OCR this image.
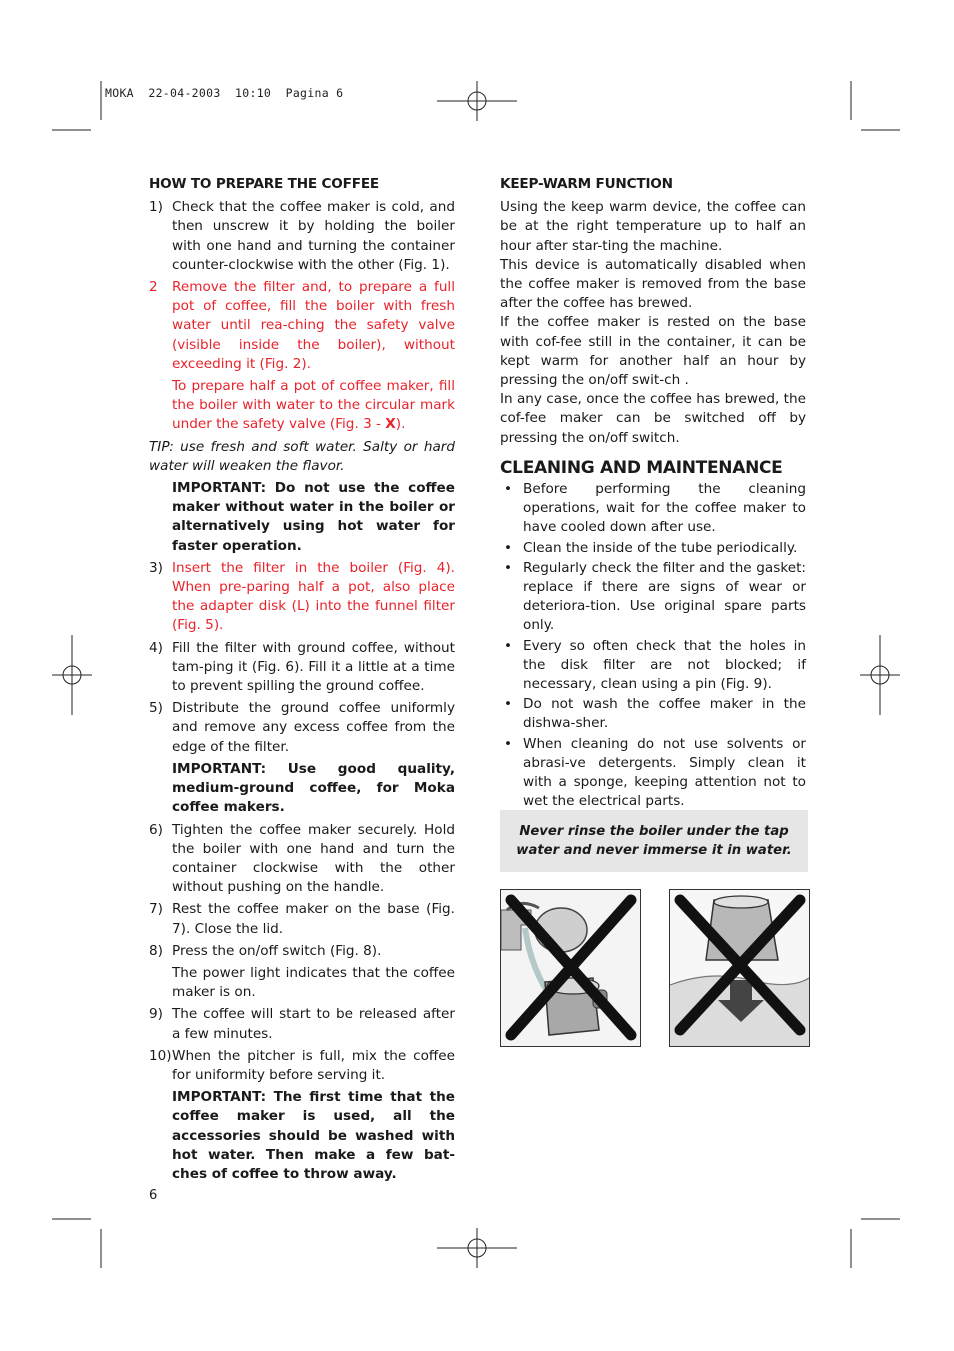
MOKA  22-04-2003  10:10  Pagina 6
HOW TO PREPARE THE COFFEE
1) Check that the coffee maker is cold, and then unscrew it by holding the boiler with one hand and turning the container counter-clockwise with the other (Fig. 1).
2	Remove the filter and, to prepare a full pot of coffee, fill the boiler with fresh water until rea-ching the safety valve (visible inside the boiler), without exceeding it (Fig. 2).
To prepare half a pot of coffee maker, fill the boiler with water to the circular mark under the safety valve (Fig. 3 - X).
TIP: use fresh and soft water. Salty or hard water will weaken the flavor.
IMPORTANT: Do not use the coffee maker without water in the boiler or alternatively using hot water for faster operation.
3) Insert the filter in the boiler (Fig. 4). When pre-paring half a pot, also place the adapter disk (L) into the funnel filter (Fig. 5).
4) Fill the filter with ground coffee, without tam-ping it (Fig. 6). Fill it a little at a time to prevent spilling the ground coffee.
5) Distribute the ground coffee uniformly and remove any excess coffee from the edge of the filter.
IMPORTANT: Use good quality, medium-ground coffee, for Moka coffee makers.
6) Tighten the coffee maker securely. Hold the boiler with one hand and turn the container clockwise with the other without pushing on the handle.
7) Rest the coffee maker on the base (Fig. 7). Close the lid.
8) Press the on/off switch (Fig. 8).
The power light indicates that the coffee maker is on.
9) The coffee will start to be released after a few minutes.
10) When the pitcher is full, mix the coffee for uniformity before serving it.
IMPORTANT: The first time that the coffee maker is used, all the accessories should be washed with hot water. Then make a few bat-ches of coffee to throw away.
KEEP-WARM FUNCTION

Using the keep warm device, the coffee can be at the right temperature up to half an hour after star-ting the machine.

This device is automatically disabled when the coffee maker is removed from the base after the coffee has brewed.

If the coffee maker is rested on the base with cof-fee still in the container, it can be kept warm for another half an hour by pressing the on/off swit-ch .

In any case, once the coffee has brewed, the cof-fee maker can be switched off by pressing the on/off switch.

CLEANING AND MAINTENANCE
• Before performing the cleaning operations, wait for the coffee maker to have cooled down after use.
• Clean the inside of the tube periodically.
• Regularly check the filter and the gasket: replace if there are signs of wear or deteriora-tion. Use original spare parts only.
• Every so often check that the holes in the disk filter are not blocked; if necessary, clean using a pin (Fig. 9).
• Do not wash the coffee maker in the dishwa-sher.
• When cleaning do not use solvents or abrasi-ve detergents. Simply clean it with a sponge, keeping attention not to wet the electrical parts.
Never rinse the boiler under the tap water and never immerse it in water.
6
